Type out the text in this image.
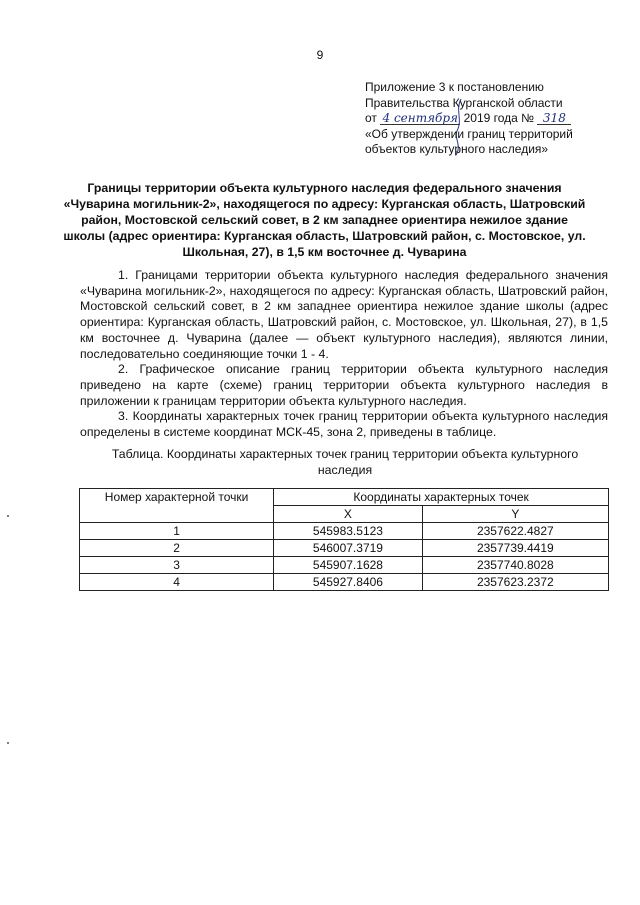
9
Приложение 3 к постановлению
Правительства Курганской области
от 4 сентября 2019 года № 318
«Об утверждении границ территорий
объектов культурного наследия»
Границы территории объекта культурного наследия федерального значения «Чуварина могильник-2», находящегося по адресу: Курганская область, Шатровский район, Мостовской сельский совет, в 2 км западнее ориентира нежилое здание школы (адрес ориентира: Курганская область, Шатровский район, с. Мостовское, ул. Школьная, 27), в 1,5 км восточнее д. Чуварина

1. Границами территории объекта культурного наследия федерального значения «Чуварина могильник-2», находящегося по адресу: Курганская область, Шатровский район, Мостовской сельский совет, в 2 км западнее ориентира нежилое здание школы (адрес ориентира: Курганская область, Шатровский район, с. Мостовское, ул. Школьная, 27), в 1,5 км восточнее д. Чуварина (далее — объект культурного наследия), являются линии, последовательно соединяющие точки 1 - 4.

2. Графическое описание границ территории объекта культурного наследия приведено на карте (схеме) границ территории объекта культурного наследия в приложении к границам территории объекта культурного наследия.

3. Координаты характерных точек границ территории объекта культурного наследия определены в системе координат МСК-45, зона 2, приведены в таблице.

Таблица. Координаты характерных точек границ территории объекта культурного наследия
Номер характерной точки	Координаты характерных точек	
	X	Y
1	545983.5123	2357622.4827
2	546007.3719	2357739.4419
3	545907.1628	2357740.8028
4	545927.8406	2357623.2372
